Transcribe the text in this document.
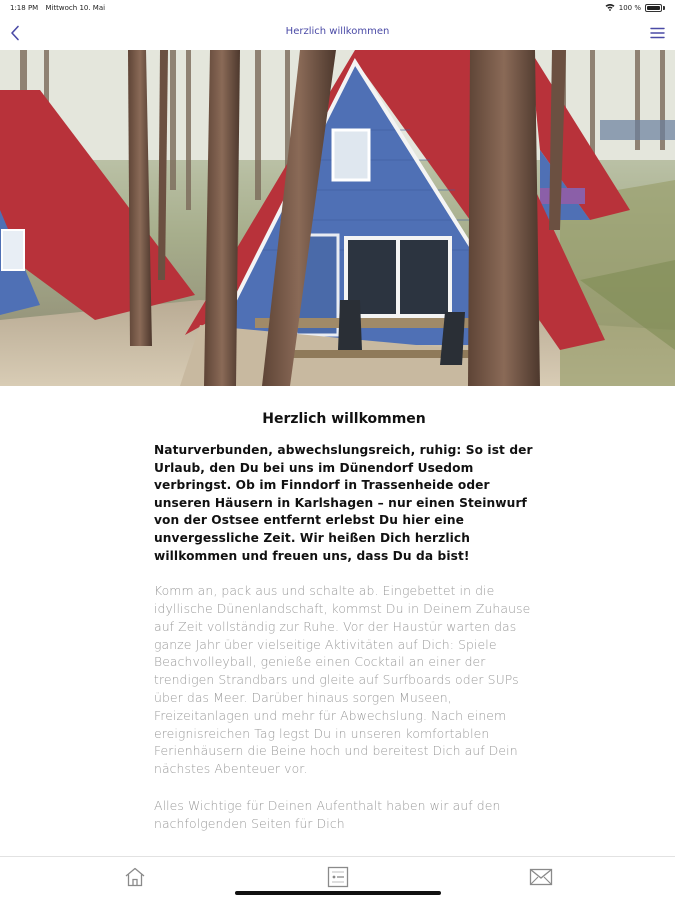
1:18 PM Mittwoch 10. Mai	100 %
Herzlich willkommen
Herzlich willkommen

Naturverbunden, abwechslungsreich, ruhig: So ist der Urlaub, den Du bei uns im Dünendorf Usedom verbringst. Ob im Finndorf in Trassenheide oder unseren Häusern in Karlshagen – nur einen Steinwurf von der Ostsee entfernt erlebst Du hier eine unvergessliche Zeit. Wir heißen Dich herzlich willkommen und freuen uns, dass Du da bist!

Komm an, pack aus und schalte ab. Eingebettet in die idyllische Dünenlandschaft, kommst Du in Deinem Zuhause auf Zeit vollständig zur Ruhe. Vor der Haustür warten das ganze Jahr über vielseitige Aktivitäten auf Dich: Spiele Beachvolleyball, genieße einen Cocktail an einer der trendigen Strandbars und gleite auf Surfboards oder SUPs über das Meer. Darüber hinaus sorgen Museen, Freizeitanlagen und mehr für Abwechslung. Nach einem ereignisreichen Tag legst Du in unseren komfortablen Ferienhäusern die Beine hoch und bereitest Dich auf Dein nächstes Abenteuer vor.

Alles Wichtige für Deinen Aufenthalt haben wir auf den nachfolgenden Seiten für Dich
